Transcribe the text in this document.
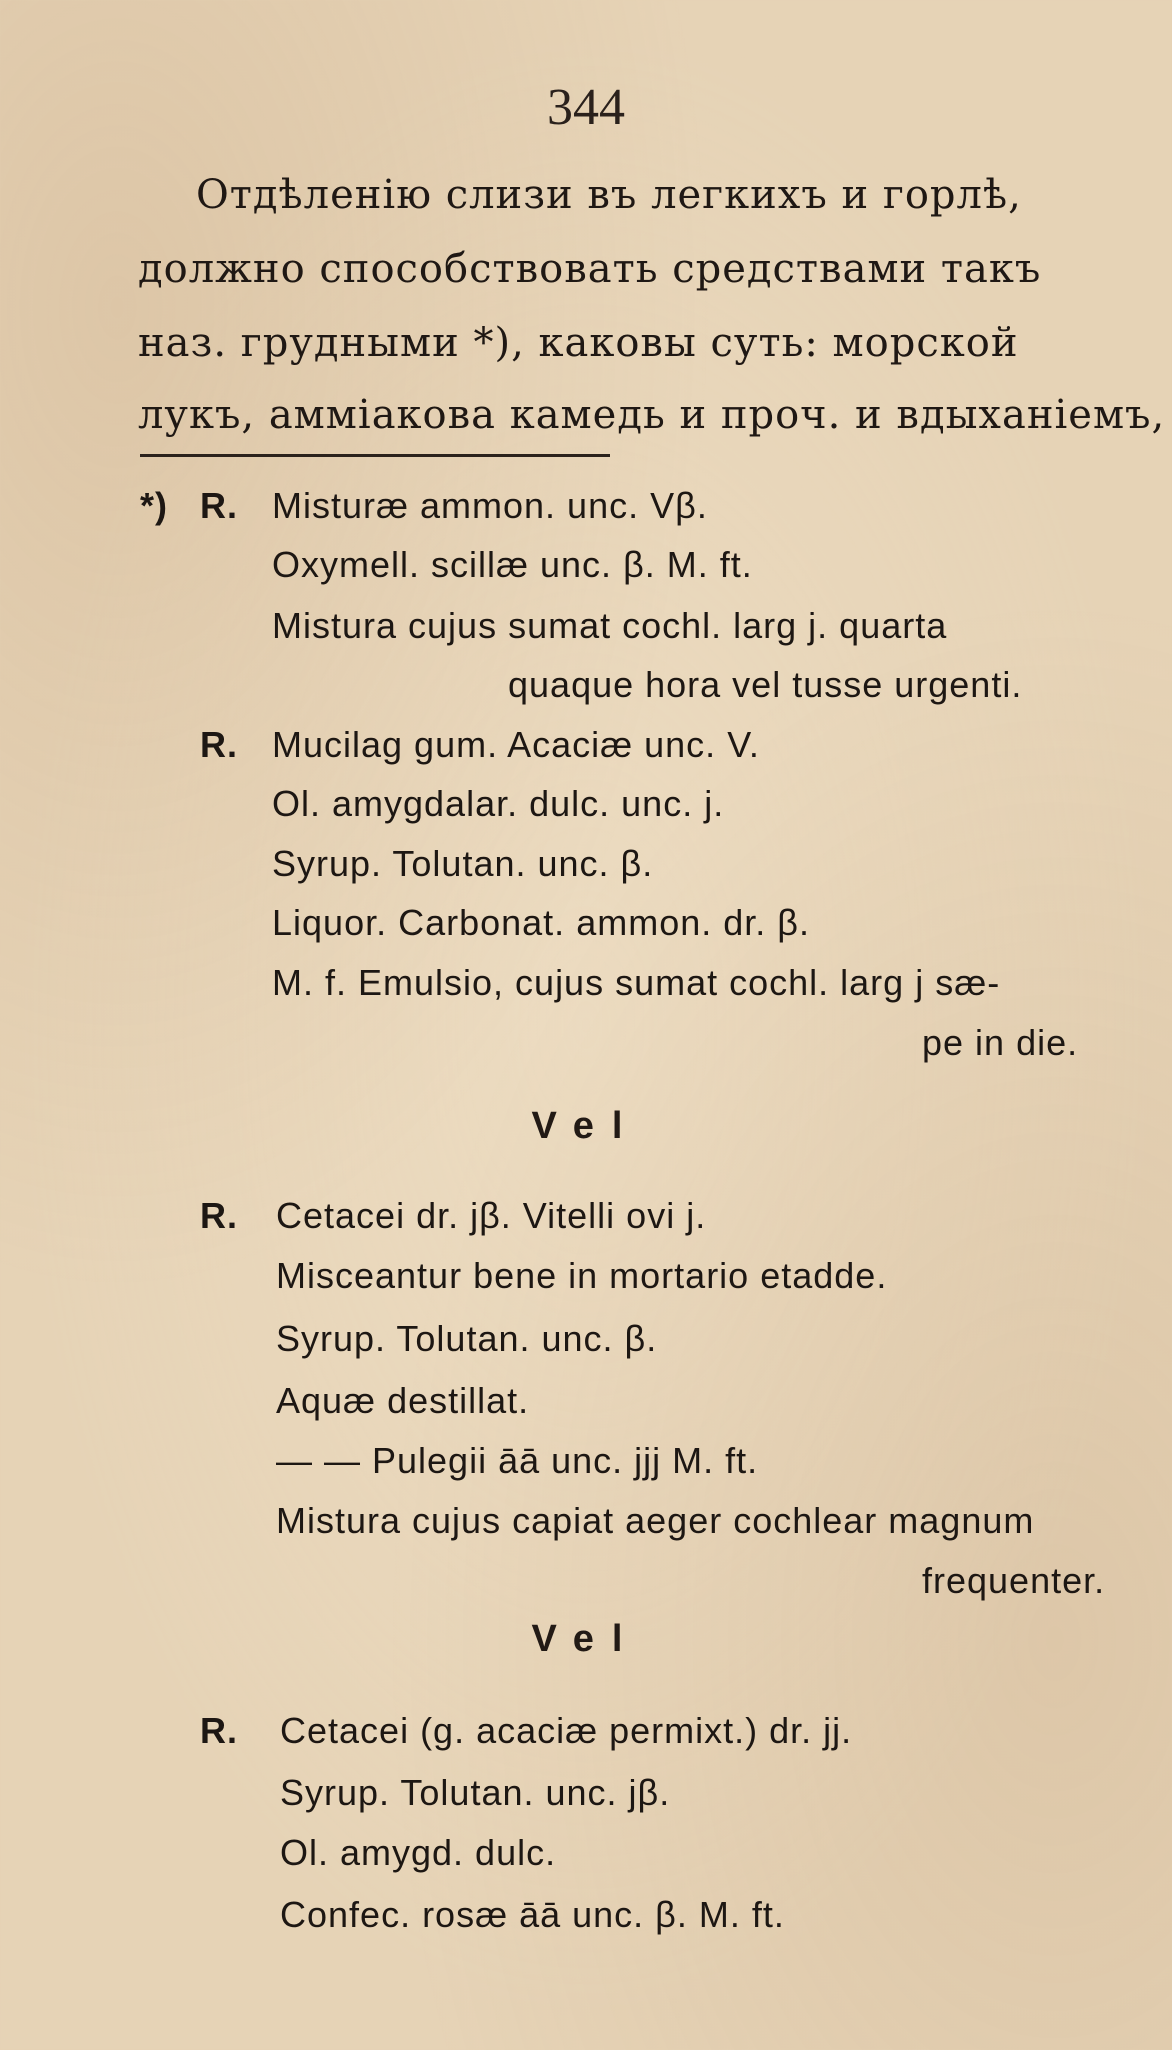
344
Отдѣленію слизи въ легкихъ и горлѣ,
должно способствовать средствами такъ
наз. грудными *), каковы суть: морской
лукъ, амміакова камедь и проч. и вдыханіемъ,
*) R. Misturæ ammon. unc. Vβ.
Oxymell. scillæ unc. β. M. ft.
Mistura cujus sumat cochl. larg j. quarta
quaque hora vel tusse urgenti.
R. Mucilag gum. Acaciæ unc. V.
Ol. amygdalar. dulc. unc. j.
Syrup. Tolutan. unc. β.
Liquor. Carbonat. ammon. dr. β.
M. f. Emulsio, cujus sumat cochl. larg j sæ-
pe in die.
Vel
R. Cetacei dr. jβ. Vitelli ovi j.
Misceantur bene in mortario etadde.
Syrup. Tolutan. unc. β.
Aquæ destillat.
— — Pulegii āā unc. jjj M. ft.
Mistura cujus capiat aeger cochlear magnum
frequenter.
Vel
R. Cetacei (g. acaciæ permixt.) dr. jj.
Syrup. Tolutan. unc. jβ.
Ol. amygd. dulc.
Confec. rosæ āā unc. β. M. ft.
